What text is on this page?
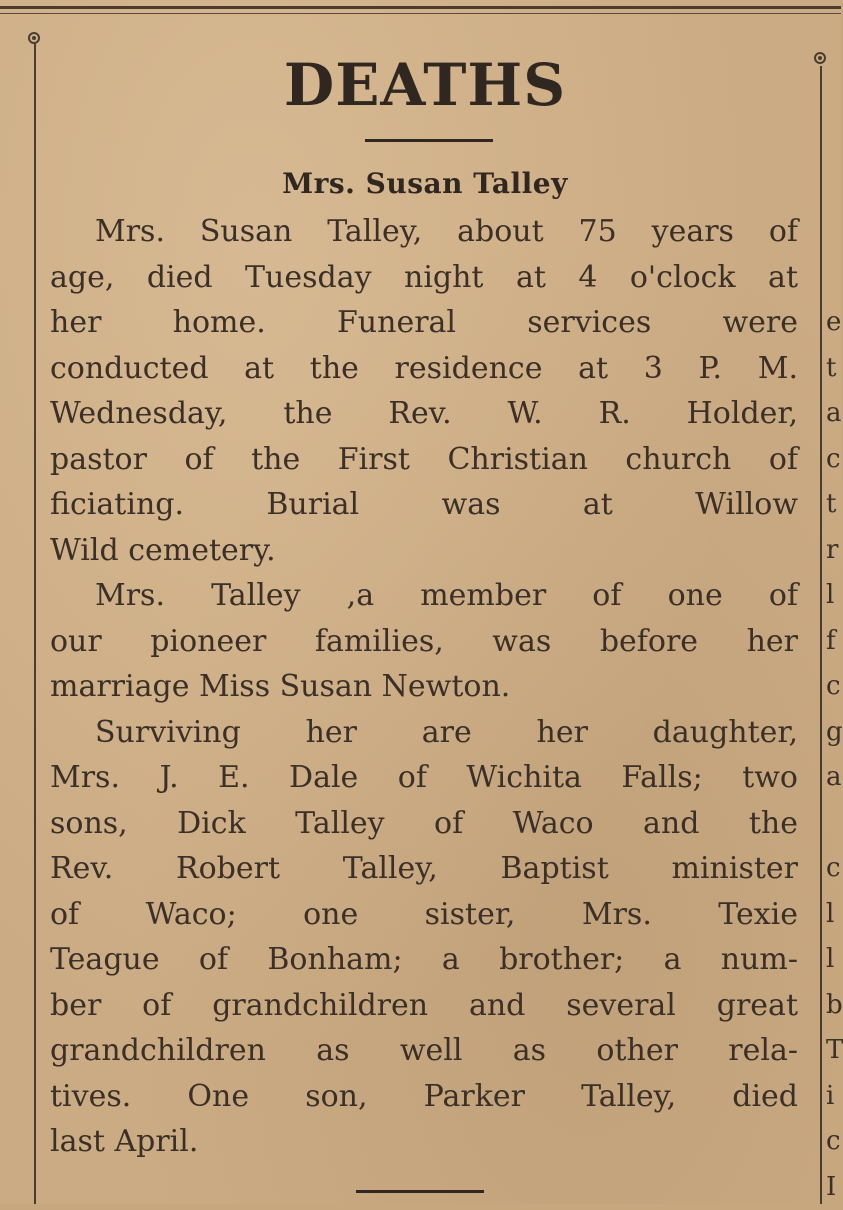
DEATHS
Mrs. Susan Talley
Mrs. Susan Talley, about 75 years of
age, died Tuesday night at 4 o'clock at
her home. Funeral services were
conducted at the residence at 3 P. M.
Wednesday, the Rev. W. R. Holder,
pastor of the First Christian church of
ficiating. Burial was at Willow
Wild cemetery.
Mrs. Talley ,a member of one of
our pioneer families, was before her
marriage Miss Susan Newton.
Surviving her are her daughter,
Mrs. J. E. Dale of Wichita Falls; two
sons, Dick Talley of Waco and the
Rev. Robert Talley, Baptist minister
of Waco; one sister, Mrs. Texie
Teague of Bonham; a brother; a num-
ber of grandchildren and several great
grandchildren as well as other rela-
tives. One son, Parker Talley, died
last April.
e
t
a
c
t
r
l
f
c
g
a
c
l
l
b
T
i
c
I
